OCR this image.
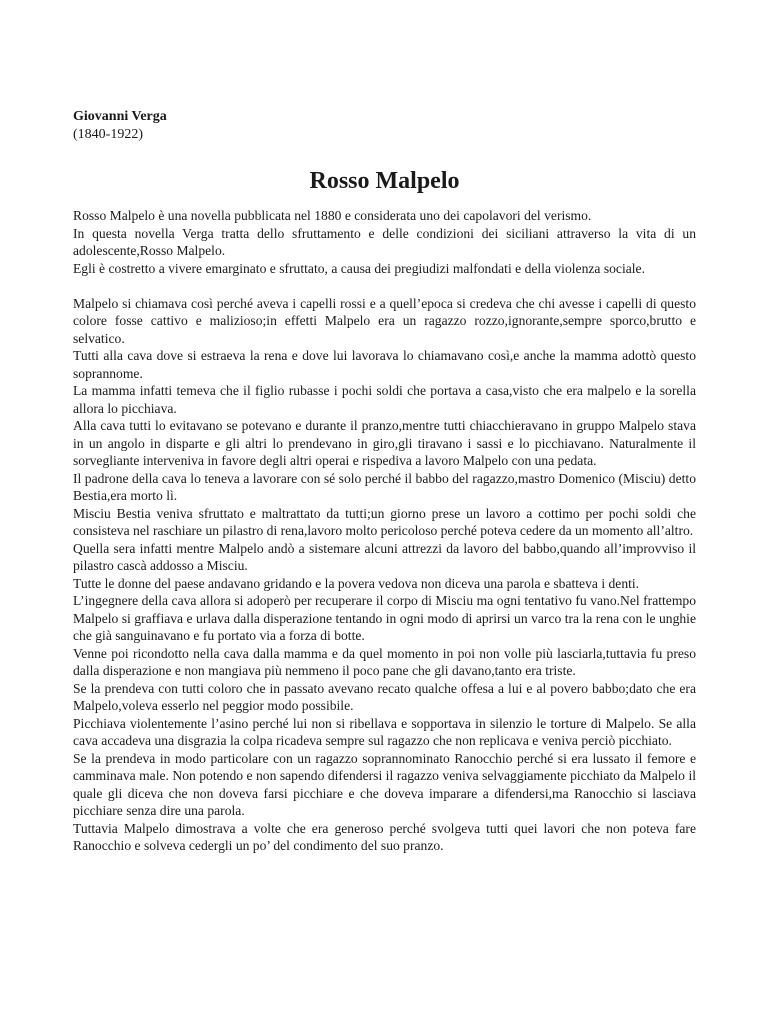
Giovanni Verga
(1840-1922)
Rosso Malpelo

Rosso Malpelo è una novella pubblicata nel 1880 e considerata uno dei capolavori del verismo.

In questa novella Verga tratta dello sfruttamento e delle condizioni dei siciliani attraverso la vita di un adolescente,Rosso Malpelo.

Egli è costretto a vivere emarginato e sfruttato, a causa dei pregiudizi malfondati e della violenza sociale.

Malpelo si chiamava così perché aveva i capelli rossi e a quell’epoca si credeva che chi avesse i capelli di questo colore fosse cattivo e malizioso;in effetti Malpelo era un ragazzo rozzo,ignorante,sempre sporco,brutto e selvatico.

Tutti alla cava dove si estraeva la rena e dove lui lavorava lo chiamavano così,e anche la mamma adottò questo soprannome.

La mamma infatti temeva che il figlio rubasse i pochi soldi che portava a casa,visto che era malpelo e la sorella allora lo picchiava.

Alla cava tutti lo evitavano se potevano e durante il pranzo,mentre tutti chiacchieravano in gruppo Malpelo stava in un angolo in disparte e gli altri lo prendevano in giro,gli tiravano i sassi e lo picchiavano. Naturalmente il sorvegliante interveniva in favore degli altri operai e rispediva a lavoro Malpelo con una pedata.

Il padrone della cava lo teneva a lavorare con sé solo perché il babbo del ragazzo,mastro Domenico (Misciu) detto Bestia,era morto lì.

Misciu Bestia veniva sfruttato e maltrattato da tutti;un giorno prese un lavoro a cottimo per pochi soldi che consisteva nel raschiare un pilastro di rena,lavoro molto pericoloso perché poteva cedere da un momento all’altro.

Quella sera infatti mentre Malpelo andò a sistemare alcuni attrezzi da lavoro del babbo,quando all’improvviso il pilastro cascà addosso a Misciu.

Tutte le donne del paese andavano gridando e la povera vedova non diceva una parola e sbatteva i denti.

L’ingegnere della cava allora si adoperò per recuperare il corpo di Misciu ma ogni tentativo fu vano.Nel frattempo Malpelo si graffiava e urlava dalla disperazione tentando in ogni modo di aprirsi un varco tra la rena con le unghie che già sanguinavano e fu portato via a forza di botte.

Venne poi ricondotto nella cava dalla mamma e da quel momento in poi non volle più lasciarla,tuttavia fu preso dalla disperazione e non mangiava più nemmeno il poco pane che gli davano,tanto era triste.

Se la prendeva con tutti coloro che in passato avevano recato qualche offesa a lui e al povero babbo;dato che era Malpelo,voleva esserlo nel peggior modo possibile.

Picchiava violentemente l’asino perché lui non si ribellava e sopportava in silenzio le torture di Malpelo. Se alla cava accadeva una disgrazia la colpa ricadeva sempre sul ragazzo che non replicava e veniva perciò picchiato.

Se la prendeva in modo particolare con un ragazzo soprannominato Ranocchio perché si era lussato il femore e camminava male. Non potendo e non sapendo difendersi il ragazzo veniva selvaggiamente picchiato da Malpelo il quale gli diceva che non doveva farsi picchiare e che doveva imparare a difendersi,ma Ranocchio si lasciava picchiare senza dire una parola.

Tuttavia Malpelo dimostrava a volte che era generoso perché svolgeva tutti quei lavori che non poteva fare Ranocchio e solveva cedergli un po’ del condimento del suo pranzo.
